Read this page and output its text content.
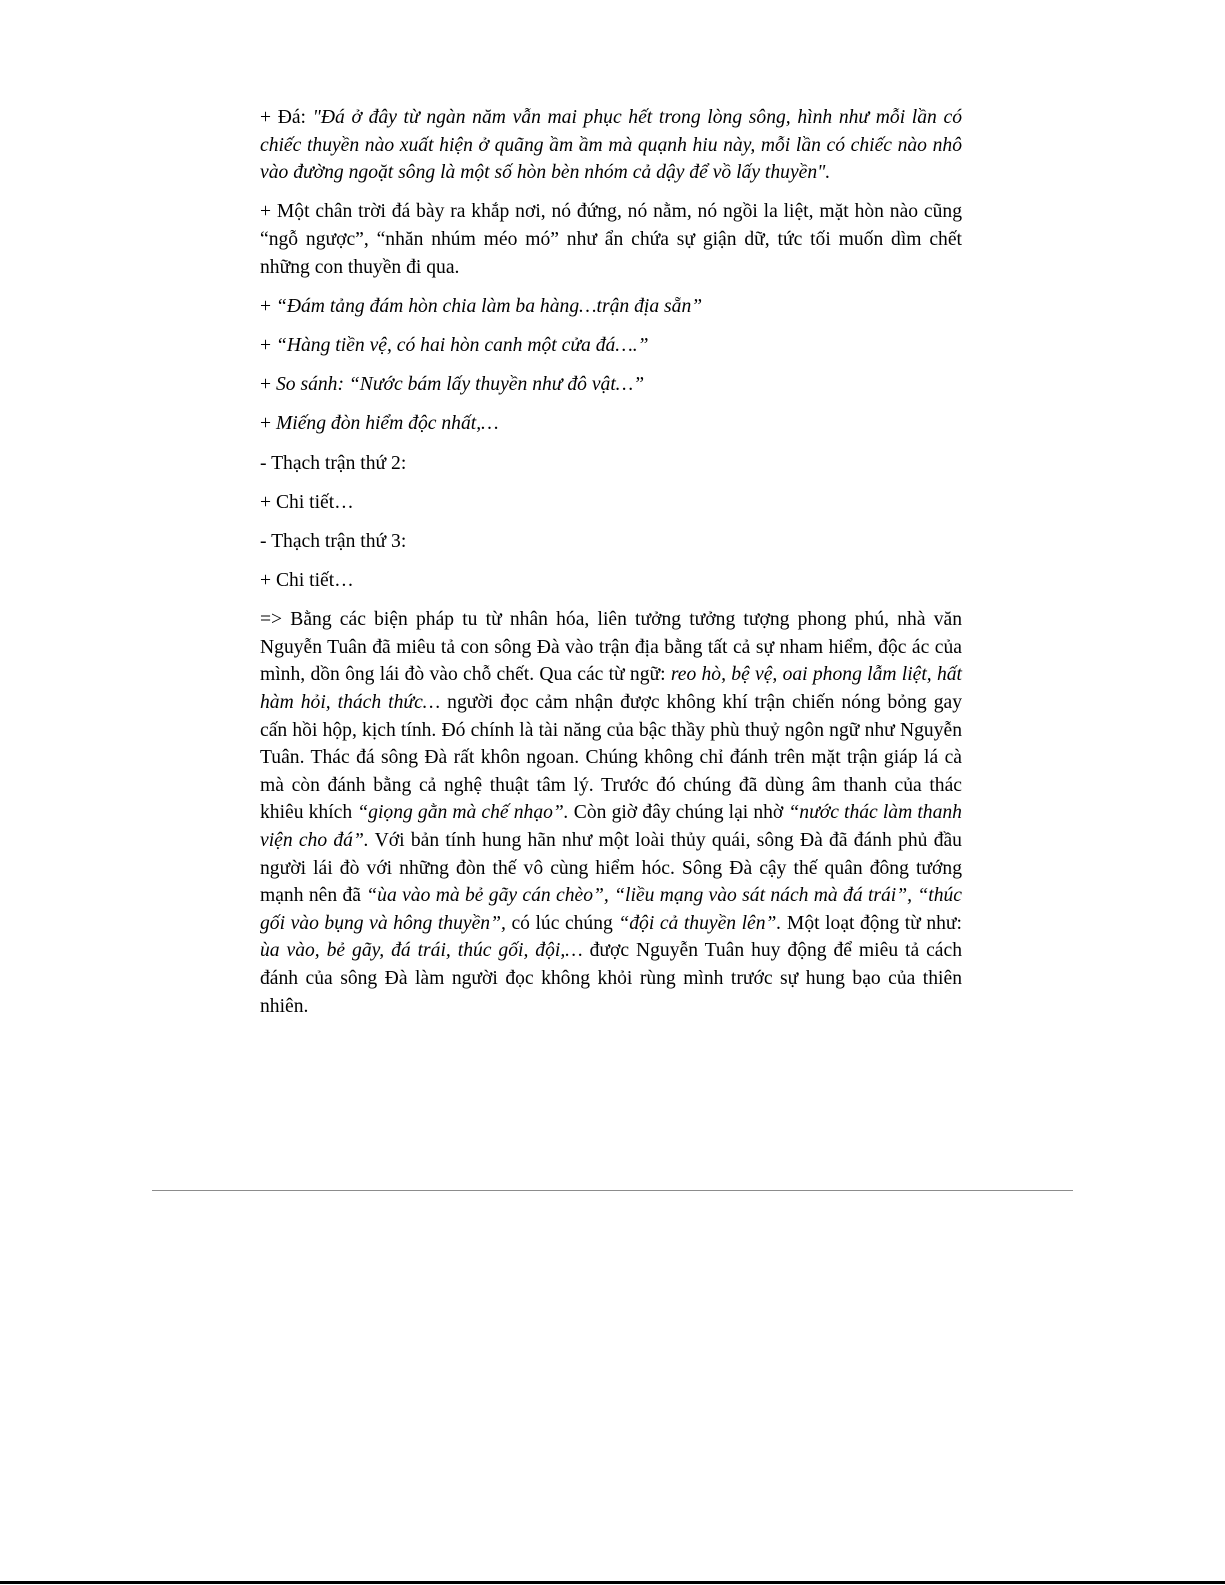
+ Đá: "Đá ở đây từ ngàn năm vẫn mai phục hết trong lòng sông, hình như mỗi lần có chiếc thuyền nào xuất hiện ở quãng ầm ầm mà quạnh hiu này, mỗi lần có chiếc nào nhô vào đường ngoặt sông là một số hòn bèn nhóm cả dậy để vồ lấy thuyền".

+ Một chân trời đá bày ra khắp nơi, nó đứng, nó nằm, nó ngồi la liệt, mặt hòn nào cũng “ngỗ ngược”, “nhăn nhúm méo mó” như ẩn chứa sự giận dữ, tức tối muốn dìm chết những con thuyền đi qua.

+ “Đám tảng đám hòn chia làm ba hàng…trận địa sẵn”

+ “Hàng tiền vệ, có hai hòn canh một cửa đá….”

+ So sánh: “Nước bám lấy thuyền như đô vật…”

+ Miếng đòn hiểm độc nhất,…

- Thạch trận thứ 2:

+ Chi tiết…

- Thạch trận thứ 3:

+ Chi tiết…

=> Bằng các biện pháp tu từ nhân hóa, liên tưởng tưởng tượng phong phú, nhà văn Nguyễn Tuân đã miêu tả con sông Đà vào trận địa bằng tất cả sự nham hiểm, độc ác của mình, dồn ông lái đò vào chỗ chết. Qua các từ ngữ: reo hò, bệ vệ, oai phong lẫm liệt, hất hàm hỏi, thách thức… người đọc cảm nhận được không khí trận chiến nóng bỏng gay cấn hồi hộp, kịch tính. Đó chính là tài năng của bậc thầy phù thuỷ ngôn ngữ như Nguyễn Tuân. Thác đá sông Đà rất khôn ngoan. Chúng không chỉ đánh trên mặt trận giáp lá cà mà còn đánh bằng cả nghệ thuật tâm lý. Trước đó chúng đã dùng âm thanh của thác khiêu khích “giọng gằn mà chế nhạo”. Còn giờ đây chúng lại nhờ “nước thác làm thanh viện cho đá”. Với bản tính hung hãn như một loài thủy quái, sông Đà đã đánh phủ đầu người lái đò với những đòn thế vô cùng hiểm hóc. Sông Đà cậy thế quân đông tướng mạnh nên đã “ùa vào mà bẻ gãy cán chèo”, “liều mạng vào sát nách mà đá trái”, “thúc gối vào bụng và hông thuyền”, có lúc chúng “đội cả thuyền lên”. Một loạt động từ như: ùa vào, bẻ gãy, đá trái, thúc gối, đội,… được Nguyễn Tuân huy động để miêu tả cách đánh của sông Đà làm người đọc không khỏi rùng mình trước sự hung bạo của thiên nhiên.
